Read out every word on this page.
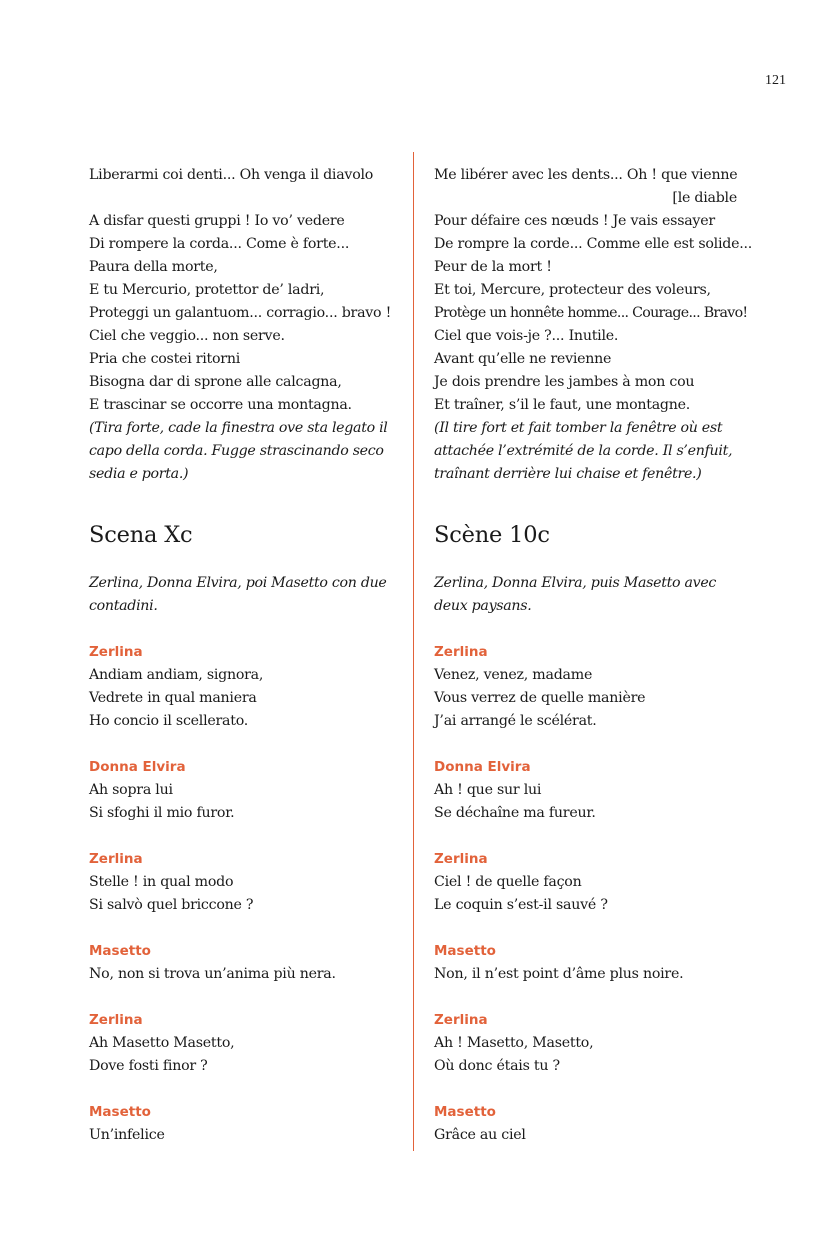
121
Liberarmi coi denti... Oh venga il diavolo
A disfar questi gruppi ! Io vo’ vedere
Di rompere la corda... Come è forte...
Paura della morte,
E tu Mercurio, protettor de’ ladri,
Proteggi un galantuom... corragio... bravo !
Ciel che veggio... non serve.
Pria che costei ritorni
Bisogna dar di sprone alle calcagna,
E trascinar se occorre una montagna.
(Tira forte, cade la finestra ove sta legato il capo della corda. Fugge strascinando seco sedia e porta.)
Scena Xc
Zerlina, Donna Elvira, poi Masetto con due contadini.
Zerlina
Andiam andiam, signora,
Vedrete in qual maniera
Ho concio il scellerato.
Donna Elvira
Ah sopra lui
Si sfoghi il mio furor.
Zerlina
Stelle ! in qual modo
Si salvò quel briccone ?
Masetto
No, non si trova un’anima più nera.
Zerlina
Ah Masetto Masetto,
Dove fosti finor ?
Masetto
Un’infelice
Me libérer avec les dents... Oh ! que vienne
[le diable
Pour défaire ces nœuds ! Je vais essayer
De rompre la corde... Comme elle est solide...
Peur de la mort !
Et toi, Mercure, protecteur des voleurs,
Protège un honnête homme... Courage... Bravo!
Ciel que vois-je ?... Inutile.
Avant qu’elle ne revienne
Je dois prendre les jambes à mon cou
Et traîner, s’il le faut, une montagne.
(Il tire fort et fait tomber la fenêtre où est attachée l’extrémité de la corde. Il s’enfuit, traînant derrière lui chaise et fenêtre.)
Scène 10c
Zerlina, Donna Elvira, puis Masetto avec deux paysans.
Zerlina
Venez, venez, madame
Vous verrez de quelle manière
J’ai arrangé le scélérat.
Donna Elvira
Ah ! que sur lui
Se déchaîne ma fureur.
Zerlina
Ciel ! de quelle façon
Le coquin s’est-il sauvé ?
Masetto
Non, il n’est point d’âme plus noire.
Zerlina
Ah ! Masetto, Masetto,
Où donc étais tu ?
Masetto
Grâce au ciel
